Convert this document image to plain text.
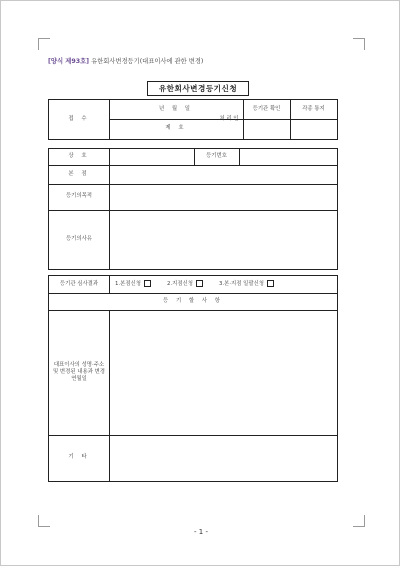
[양식 제93호] 유한회사변경등기(대표이사에 관한 변경)
유한회사변경등기신청
접 수
년 월 일
제 호
처 리 인
등기관 확인	각종 통지
상 호	등기번호
본 점
등기의목적
등기의사유
등기관 심사결과	1.본점신청	2.지점신청	3.본·지점 일괄신청
등 기 할 사 항
대표이사의 성명·주소 및 변경된 내용과 변경 연월일
기 타
- 1 -
